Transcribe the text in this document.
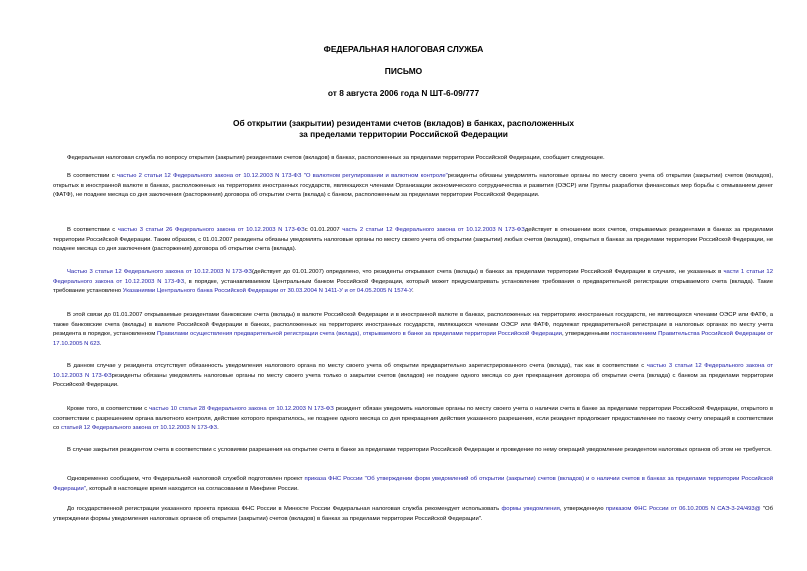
ФЕДЕРАЛЬНАЯ НАЛОГОВАЯ СЛУЖБА

ПИСЬМО

от 8 августа 2006 года N ШТ-6-09/777

Об открытии (закрытии) резидентами счетов (вкладов) в банках, расположенных

за пределами территории Российской Федерации

Федеральная налоговая служба по вопросу открытия (закрытия) резидентами счетов (вкладов) в банках, расположенных за пределами территории Российской Федерации, сообщает следующее.

В соответствии с частью 2 статьи 12 Федерального закона от 10.12.2003 N 173-ФЗ "О валютном регулировании и валютном контроле"резиденты обязаны уведомлять налоговые органы по месту своего учета об открытии (закрытии) счетов (вкладов), открытых в иностранной валюте в банках, расположенных на территориях иностранных государств, являющихся членами Организации экономического сотрудничества и развития (ОЭСР) или Группы разработки финансовых мер борьбы с отмыванием денег (ФАТФ), не позднее месяца со дня заключения (расторжения) договора об открытии счета (вклада) с банком, расположенным за пределами территории Российской Федерации.

В соответствии с частью 3 статьи 26 Федерального закона от 10.12.2003 N 173-ФЗс 01.01.2007 часть 2 статьи 12 Федерального закона от 10.12.2003 N 173-ФЗдействует в отношении всех счетов, открываемых резидентами в банках за пределами территории Российской Федерации. Таким образом, с 01.01.2007 резиденты обязаны уведомлять налоговые органы по месту своего учета об открытии (закрытии) любых счетов (вкладов), открытых в банках за пределами территории Российской Федерации, не позднее месяца со дня заключения (расторжения) договора об открытии счета (вклада).

Частью 3 статьи 12 Федерального закона от 10.12.2003 N 173-ФЗ(действует до 01.01.2007) определено, что резиденты открывают счета (вклады) в банках за пределами территории Российской Федерации в случаях, не указанных в части 1 статьи 12 Федерального закона от 10.12.2003 N 173-ФЗ, в порядке, устанавливаемом Центральным банком Российской Федерации, который может предусматривать установление требования о предварительной регистрации открываемого счета (вклада). Такие требование установлено Указаниями Центрального банка Российской Федерации от 30.03.2004 N 1411-У и от 04.05.2005 N 1574-У.

В этой связи до 01.01.2007 открываемые резидентами банковские счета (вклады) в валюте Российской Федерации и в иностранной валюте в банках, расположенных на территориях иностранных государств, не являющихся членами ОЭСР или ФАТФ, а также банковские счета (вклады) в валюте Российской Федерации в банках, расположенных на территориях иностранных государств, являющихся членами ОЭСР или ФАТФ, подлежат предварительной регистрации в налоговых органах по месту учета резидента в порядке, установленном Правилами осуществления предварительной регистрации счета (вклада), открываемого в банке за пределами территории Российской Федерации, утвержденными постановлением Правительства Российской Федерации от 17.10.2005 N 623.

В данном случае у резидента отсутствует обязанность уведомления налогового органа по месту своего учета об открытии предварительно зарегистрированного счета (вклада), так как в соответствии с частью 3 статьи 12 Федерального закона от 10.12.2003 N 173-ФЗрезиденты обязаны уведомлять налоговые органы по месту своего учета только о закрытии счетов (вкладов) не позднее одного месяца со дня прекращения договора об открытии счета (вклада) с банком за пределами территории Российской Федерации.

Кроме того, в соответствии с частью 10 статьи 28 Федерального закона от 10.12.2003 N 173-ФЗ резидент обязан уведомить налоговые органы по месту своего учета о наличии счета в банке за пределами территории Российской Федерации, открытого в соответствии с разрешением органа валютного контроля, действие которого прекратилось, не позднее одного месяца со дня прекращения действия указанного разрешения, если резидент продолжает предоставление по такому счету операций в соответствии со статьей 12 Федерального закона от 10.12.2003 N 173-ФЗ.

В случае закрытия резидентом счета в соответствии с условиями разрешения на открытие счета в банке за пределами территории Российской Федерации и проведение по нему операций уведомление резидентом налоговых органов об этом не требуется.

Одновременно сообщаем, что Федеральной налоговой службой подготовлен проект приказа ФНС России "Об утверждении форм уведомлений об открытии (закрытии) счетов (вкладов) и о наличии счетов в банках за пределами территории Российской Федерации", который в настоящее время находится на согласовании в Минфине России.

До государственной регистрации указанного проекта приказа ФНС России в Минюсте России Федеральная налоговая служба рекомендует использовать формы уведомления, утвержденную приказом ФНС России от 06.10.2005 N САЭ-3-24/493@ "Об утверждении формы уведомления налоговых органов об открытии (закрытии) счетов (вкладов) в банках за пределами территории Российской Федерации".
